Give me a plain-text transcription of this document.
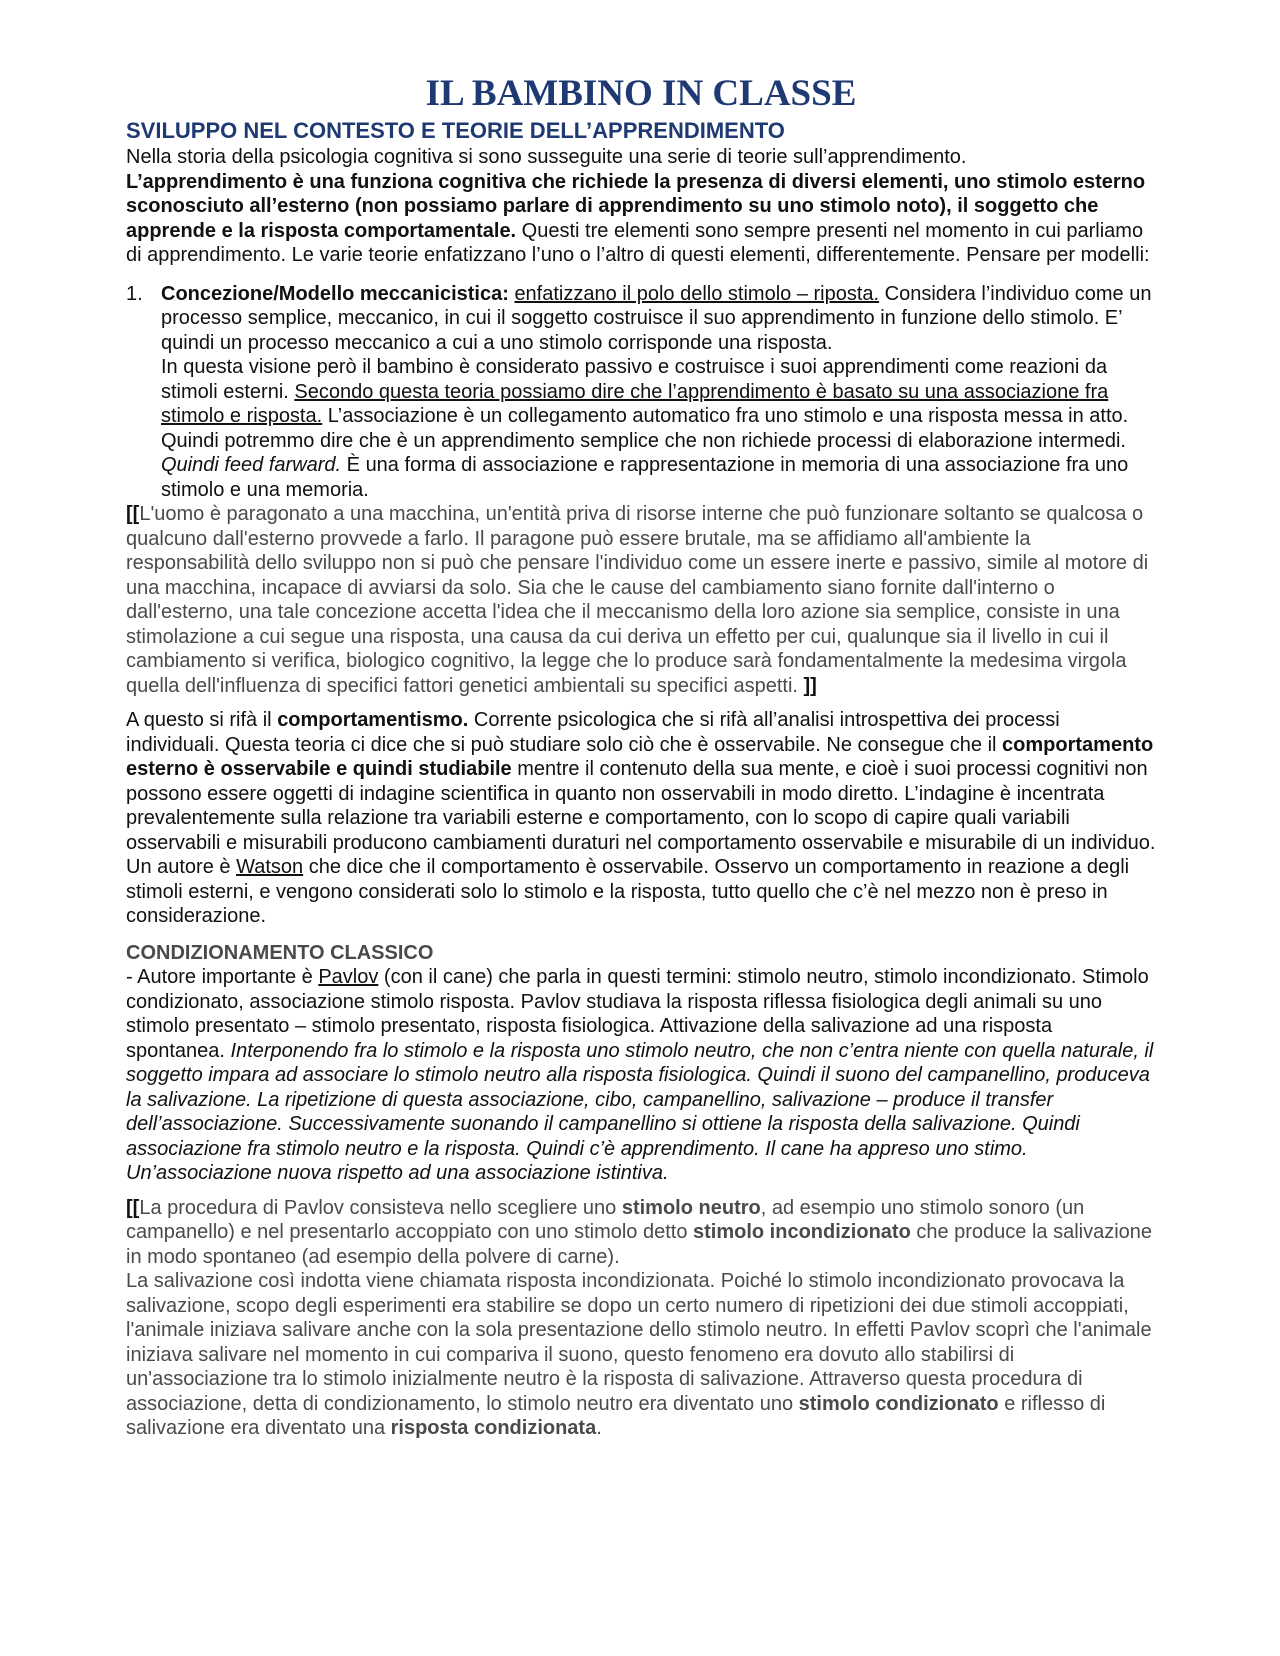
IL BAMBINO IN CLASSE
SVILUPPO NEL CONTESTO E TEORIE DELL’APPRENDIMENTO

Nella storia della psicologia cognitiva si sono susseguite una serie di teorie sull’apprendimento.
L’apprendimento è una funziona cognitiva che richiede la presenza di diversi elementi, uno stimolo esterno sconosciuto all’esterno (non possiamo parlare di apprendimento su uno stimolo noto), il soggetto che apprende e la risposta comportamentale. Questi tre elementi sono sempre presenti nel momento in cui parliamo di apprendimento. Le varie teorie enfatizzano l’uno o l’altro di questi elementi, differentemente. Pensare per modelli:

1. Concezione/Modello meccanicistica: enfatizzano il polo dello stimolo – riposta. Considera l’individuo come un processo semplice, meccanico, in cui il soggetto costruisce il suo apprendimento in funzione dello stimolo. E’ quindi un processo meccanico a cui a uno stimolo corrisponde una risposta.
In questa visione però il bambino è considerato passivo e costruisce i suoi apprendimenti come reazioni da stimoli esterni. Secondo questa teoria possiamo dire che l’apprendimento è basato su una associazione fra stimolo e risposta. L’associazione è un collegamento automatico fra uno stimolo e una risposta messa in atto. Quindi potremmo dire che è un apprendimento semplice che non richiede processi di elaborazione intermedi. Quindi feed farward. È una forma di associazione e rappresentazione in memoria di una associazione fra uno stimolo e una memoria.

[[L'uomo è paragonato a una macchina, un'entità priva di risorse interne che può funzionare soltanto se qualcosa o qualcuno dall'esterno provvede a farlo. Il paragone può essere brutale, ma se affidiamo all'ambiente la responsabilità dello sviluppo non si può che pensare l'individuo come un essere inerte e passivo, simile al motore di una macchina, incapace di avviarsi da solo. Sia che le cause del cambiamento siano fornite dall'interno o dall'esterno, una tale concezione accetta l'idea che il meccanismo della loro azione sia semplice, consiste in una stimolazione a cui segue una risposta, una causa da cui deriva un effetto per cui, qualunque sia il livello in cui il cambiamento si verifica, biologico cognitivo, la legge che lo produce sarà fondamentalmente la medesima virgola quella dell'influenza di specifici fattori genetici ambientali su specifici aspetti. ]]

A questo si rifà il comportamentismo. Corrente psicologica che si rifà all’analisi introspettiva dei processi individuali. Questa teoria ci dice che si può studiare solo ciò che è osservabile. Ne consegue che il comportamento esterno è osservabile e quindi studiabile mentre il contenuto della sua mente, e cioè i suoi processi cognitivi non possono essere oggetti di indagine scientifica in quanto non osservabili in modo diretto. L’indagine è incentrata prevalentemente sulla relazione tra variabili esterne e comportamento, con lo scopo di capire quali variabili osservabili e misurabili producono cambiamenti duraturi nel comportamento osservabile e misurabile di un individuo. Un autore è Watson che dice che il comportamento è osservabile. Osservo un comportamento in reazione a degli stimoli esterni, e vengono considerati solo lo stimolo e la risposta, tutto quello che c’è nel mezzo non è preso in considerazione.

CONDIZIONAMENTO CLASSICO

- Autore importante è Pavlov (con il cane) che parla in questi termini: stimolo neutro, stimolo incondizionato. Stimolo condizionato, associazione stimolo risposta. Pavlov studiava la risposta riflessa fisiologica degli animali su uno stimolo presentato – stimolo presentato, risposta fisiologica. Attivazione della salivazione ad una risposta spontanea. Interponendo fra lo stimolo e la risposta uno stimolo neutro, che non c’entra niente con quella naturale, il soggetto impara ad associare lo stimolo neutro alla risposta fisiologica. Quindi il suono del campanellino, produceva la salivazione. La ripetizione di questa associazione, cibo, campanellino, salivazione – produce il transfer dell’associazione. Successivamente suonando il campanellino si ottiene la risposta della salivazione. Quindi associazione fra stimolo neutro e la risposta. Quindi c’è apprendimento. Il cane ha appreso uno stimo. Un’associazione nuova rispetto ad una associazione istintiva.

[[La procedura di Pavlov consisteva nello scegliere uno stimolo neutro, ad esempio uno stimolo sonoro (un campanello) e nel presentarlo accoppiato con uno stimolo detto stimolo incondizionato che produce la salivazione in modo spontaneo (ad esempio della polvere di carne).
La salivazione così indotta viene chiamata risposta incondizionata. Poiché lo stimolo incondizionato provocava la salivazione, scopo degli esperimenti era stabilire se dopo un certo numero di ripetizioni dei due stimoli accoppiati, l'animale iniziava salivare anche con la sola presentazione dello stimolo neutro. In effetti Pavlov scoprì che l'animale iniziava salivare nel momento in cui compariva il suono, questo fenomeno era dovuto allo stabilirsi di un'associazione tra lo stimolo inizialmente neutro è la risposta di salivazione. Attraverso questa procedura di associazione, detta di condizionamento, lo stimolo neutro era diventato uno stimolo condizionato e riflesso di salivazione era diventato una risposta condizionata.
